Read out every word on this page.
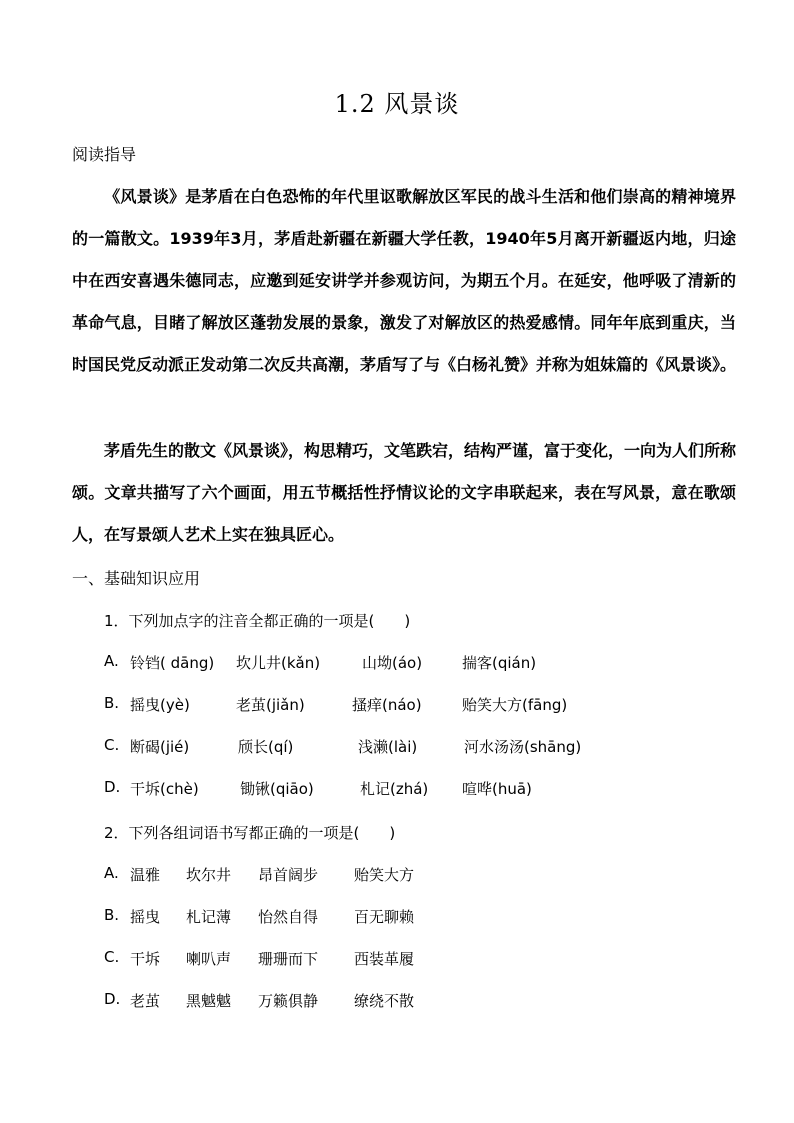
1.2 风景谈
阅读指导
《风景谈》是茅盾在白色恐怖的年代里讴歌解放区军民的战斗生活和他们崇高的精神境界的一篇散文。1939年3月，茅盾赴新疆在新疆大学任教，1940年5月离开新疆返内地，归途中在西安喜遇朱德同志，应邀到延安讲学并参观访问，为期五个月。在延安，他呼吸了清新的革命气息，目睹了解放区蓬勃发展的景象，激发了对解放区的热爱感情。同年年底到重庆，当时国民党反动派正发动第二次反共高潮，茅盾写了与《白杨礼赞》并称为姐妹篇的《风景谈》。
茅盾先生的散文《风景谈》，构思精巧，文笔跌宕，结构严谨，富于变化，一向为人们所称颂。文章共描写了六个画面，用五节概括性抒情议论的文字串联起来，表在写风景，意在歌颂人，在写景颂人艺术上实在独具匠心。
一、基础知识应用
1．下列加点字的注音全都正确的一项是(　　)
A. 铃铛( dāng) 坎儿井(kǎn)	山坳(áo)	揣客(qián)
B. 摇曳(yè)	老茧(jiǎn)	搔痒(náo)	贻笑大方(fāng)
C. 断碣(jié)	颀长(qí)	浅濑(lài)	河水汤汤(shāng)
D. 干坼(chè)	锄锹(qiāo)	札记(zhá) 喧哗(huā)
2．下列各组词语书写都正确的一项是(　　)
A. 温雅 坎尔井 昂首阔步 贻笑大方
B. 摇曳 札记薄 怡然自得 百无聊赖
C. 干坼 喇叭声 珊珊而下 西装革履
D. 老茧 黑魆魆 万籁俱静 缭绕不散
